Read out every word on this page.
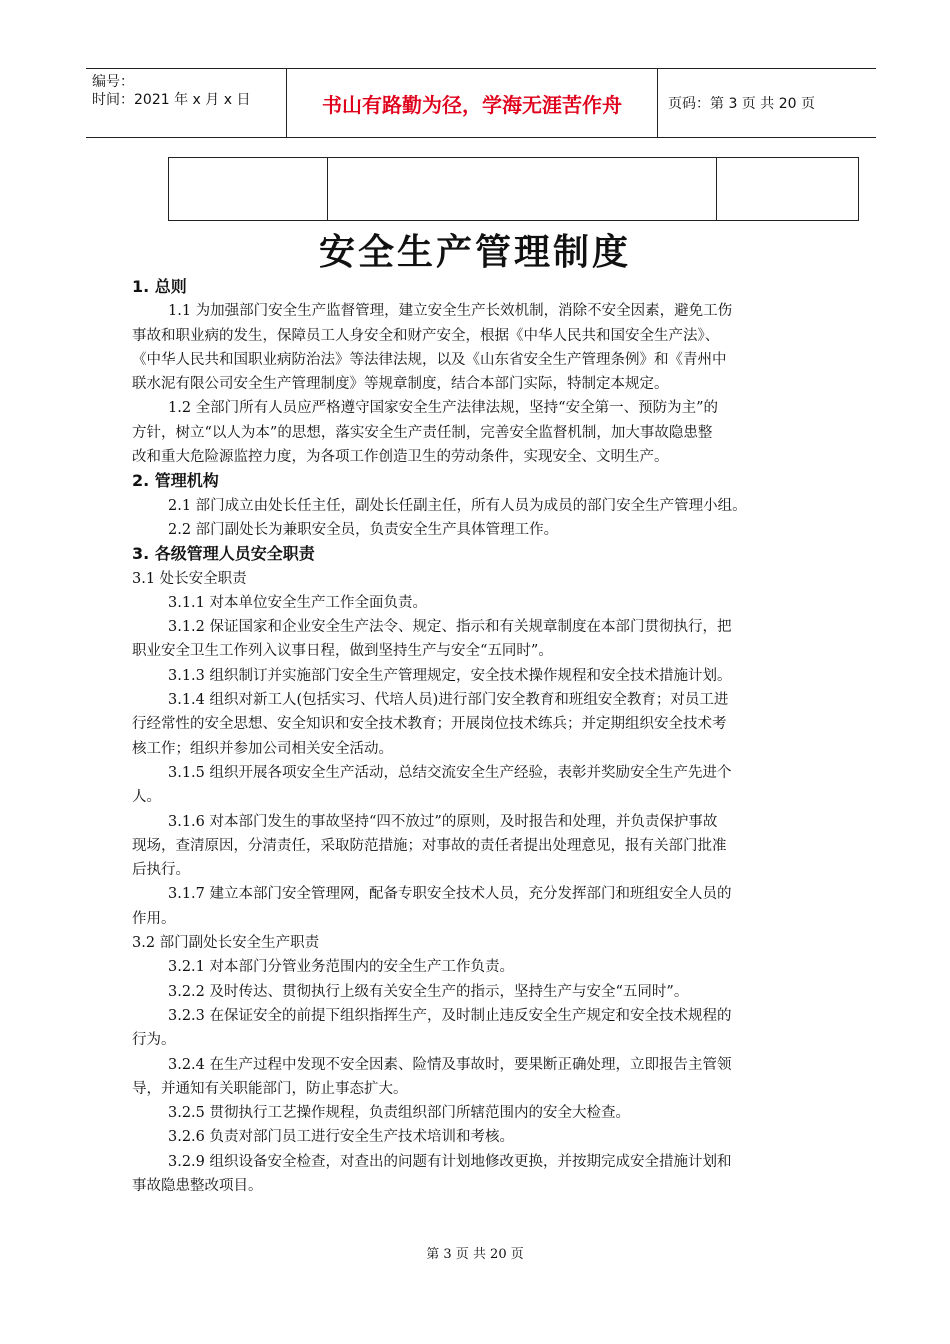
编号：
时间：2021 年 x 月 x 日	书山有路勤为径，学海无涯苦作舟	页码：第 3 页 共 20 页
安全生产管理制度
1. 总则
1.1 为加强部门安全生产监督管理，建立安全生产长效机制，消除不安全因素，避免工伤
事故和职业病的发生，保障员工人身安全和财产安全，根据《中华人民共和国安全生产法》、
《中华人民共和国职业病防治法》等法律法规，以及《山东省安全生产管理条例》和《青州中
联水泥有限公司安全生产管理制度》等规章制度，结合本部门实际，特制定本规定。
1.2 全部门所有人员应严格遵守国家安全生产法律法规，坚持“安全第一、预防为主”的
方针，树立“以人为本”的思想，落实安全生产责任制，完善安全监督机制，加大事故隐患整
改和重大危险源监控力度，为各项工作创造卫生的劳动条件，实现安全、文明生产。
2. 管理机构
2.1 部门成立由处长任主任，副处长任副主任，所有人员为成员的部门安全生产管理小组。
2.2 部门副处长为兼职安全员，负责安全生产具体管理工作。
3. 各级管理人员安全职责
3.1 处长安全职责
3.1.1 对本单位安全生产工作全面负责。
3.1.2 保证国家和企业安全生产法令、规定、指示和有关规章制度在本部门贯彻执行，把
职业安全卫生工作列入议事日程，做到坚持生产与安全“五同时”。
3.1.3 组织制订并实施部门安全生产管理规定，安全技术操作规程和安全技术措施计划。
3.1.4 组织对新工人(包括实习、代培人员)进行部门安全教育和班组安全教育；对员工进
行经常性的安全思想、安全知识和安全技术教育；开展岗位技术练兵；并定期组织安全技术考
核工作；组织并参加公司相关安全活动。
3.1.5 组织开展各项安全生产活动，总结交流安全生产经验，表彰并奖励安全生产先进个
人。
3.1.6 对本部门发生的事故坚持“四不放过”的原则，及时报告和处理，并负责保护事故
现场，查清原因，分清责任，采取防范措施；对事故的责任者提出处理意见，报有关部门批准
后执行。
3.1.7 建立本部门安全管理网，配备专职安全技术人员，充分发挥部门和班组安全人员的
作用。
3.2 部门副处长安全生产职责
3.2.1 对本部门分管业务范围内的安全生产工作负责。
3.2.2 及时传达、贯彻执行上级有关安全生产的指示，坚持生产与安全“五同时”。
3.2.3 在保证安全的前提下组织指挥生产，及时制止违反安全生产规定和安全技术规程的
行为。
3.2.4 在生产过程中发现不安全因素、险情及事故时，要果断正确处理，立即报告主管领
导，并通知有关职能部门，防止事态扩大。
3.2.5 贯彻执行工艺操作规程，负责组织部门所辖范围内的安全大检查。
3.2.6 负责对部门员工进行安全生产技术培训和考核。
3.2.9 组织设备安全检查，对查出的问题有计划地修改更换，并按期完成安全措施计划和
事故隐患整改项目。
第 3 页 共 20 页
